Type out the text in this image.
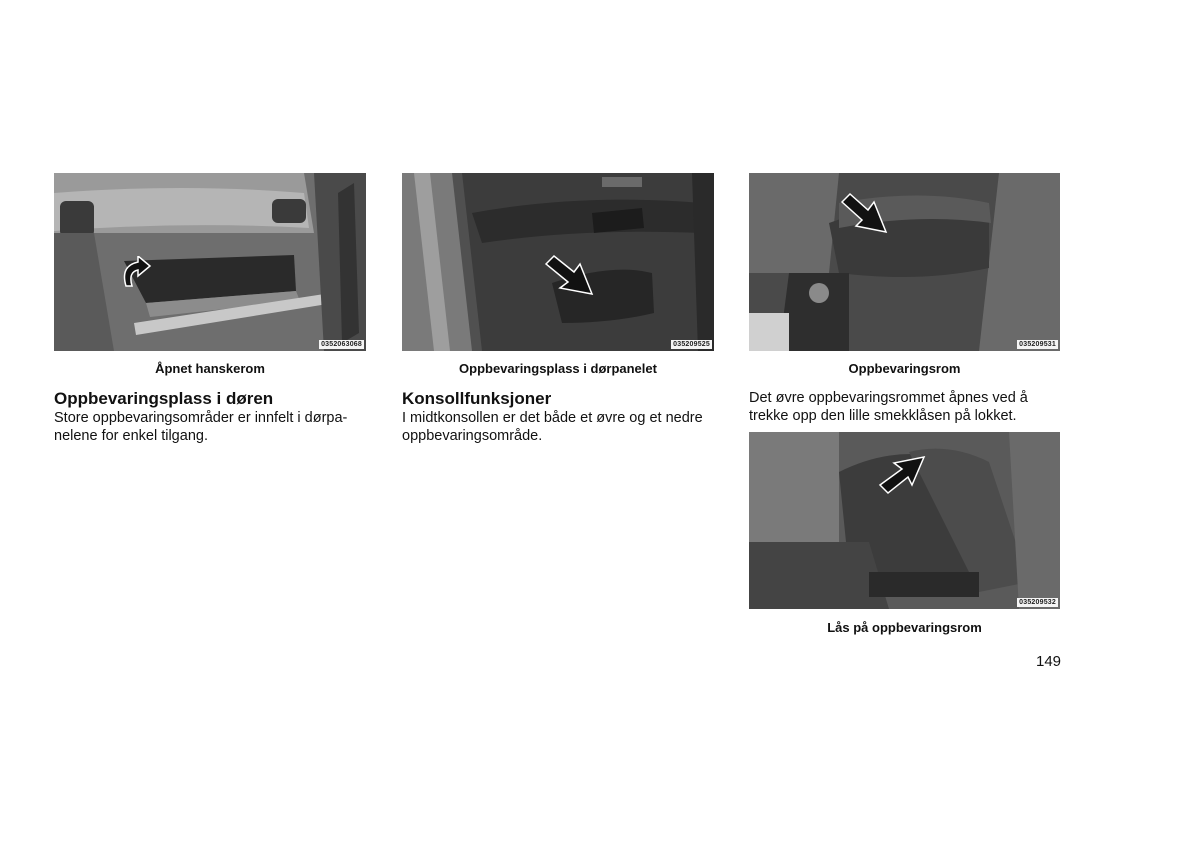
0352063068
Åpnet hanskerom
035209525
Oppbevaringsplass i dørpanelet
035209531
Oppbevaringsrom
Oppbevaringsplass i døren
Store oppbevaringsområder er innfelt i dørpa-
nelene for enkel tilgang.
Konsollfunksjoner
I midtkonsollen er det både et øvre og et nedre
oppbevaringsområde.
Det øvre oppbevaringsrommet åpnes ved å
trekke opp den lille smekklåsen på lokket.
035209532
Lås på oppbevaringsrom
149
